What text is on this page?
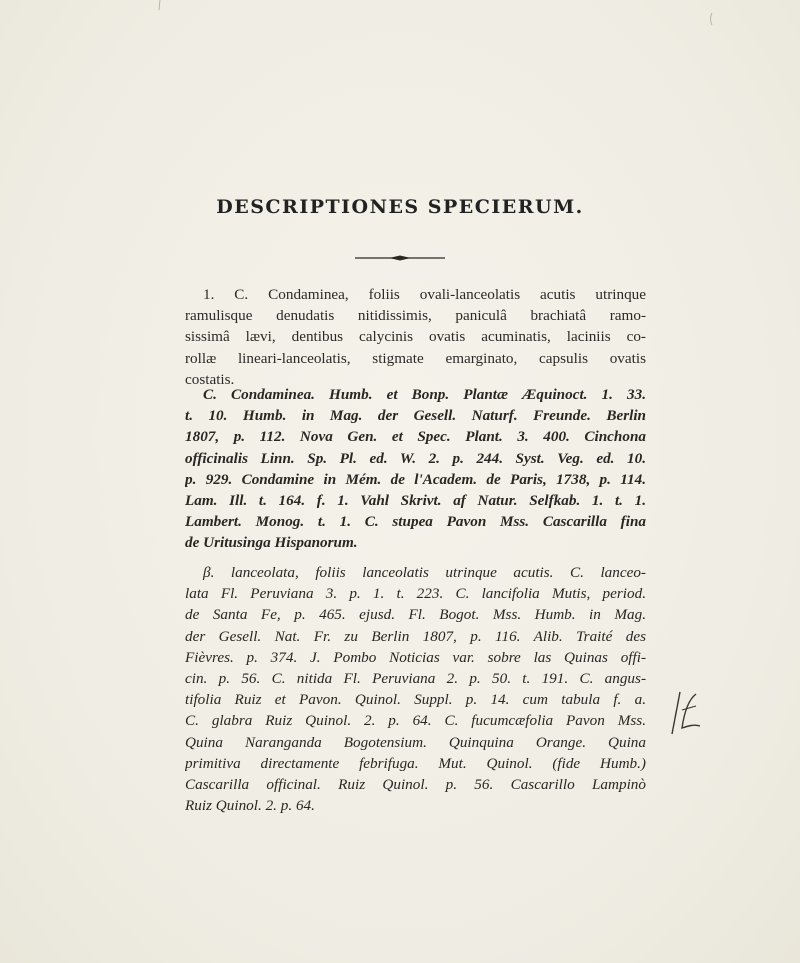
DESCRIPTIONES SPECIERUM.
1. C. Condaminea, foliis ovali-lanceolatis acutis utrinque
ramulisque denudatis nitidissimis, paniculâ brachiatâ ramo-
sissimâ lævi, dentibus calycinis ovatis acuminatis, laciniis co-
rollæ lineari-lanceolatis, stigmate emarginato, capsulis ovatis
costatis.
C. Condaminea. Humb. et Bonp. Plantæ Æquinoct. 1. 33.
t. 10. Humb. in Mag. der Gesell. Naturf. Freunde. Berlin
1807, p. 112. Nova Gen. et Spec. Plant. 3. 400. Cinchona
officinalis Linn. Sp. Pl. ed. W. 2. p. 244. Syst. Veg. ed. 10.
p. 929. Condamine in Mém. de l'Academ. de Paris, 1738, p. 114.
Lam. Ill. t. 164. f. 1. Vahl Skrivt. af Natur. Selfkab. 1. t. 1.
Lambert. Monog. t. 1. C. stupea Pavon Mss. Cascarilla fina
de Uritusinga Hispanorum.
β. lanceolata, foliis lanceolatis utrinque acutis. C. lanceo-
lata Fl. Peruviana 3. p. 1. t. 223. C. lancifolia Mutis, period.
de Santa Fe, p. 465. ejusd. Fl. Bogot. Mss. Humb. in Mag.
der Gesell. Nat. Fr. zu Berlin 1807, p. 116. Alib. Traité des
Fièvres. p. 374. J. Pombo Noticias var. sobre las Quinas offi-
cin. p. 56. C. nitida Fl. Peruviana 2. p. 50. t. 191. C. angus-
tifolia Ruiz et Pavon. Quinol. Suppl. p. 14. cum tabula f. a.
C. glabra Ruiz Quinol. 2. p. 64. C. fucumcæfolia Pavon Mss.
Quina Naranganda Bogotensium. Quinquina Orange. Quina
primitiva directamente febrifuga. Mut. Quinol. (fide Humb.)
Cascarilla officinal. Ruiz Quinol. p. 56. Cascarillo Lampinò
Ruiz Quinol. 2. p. 64.
